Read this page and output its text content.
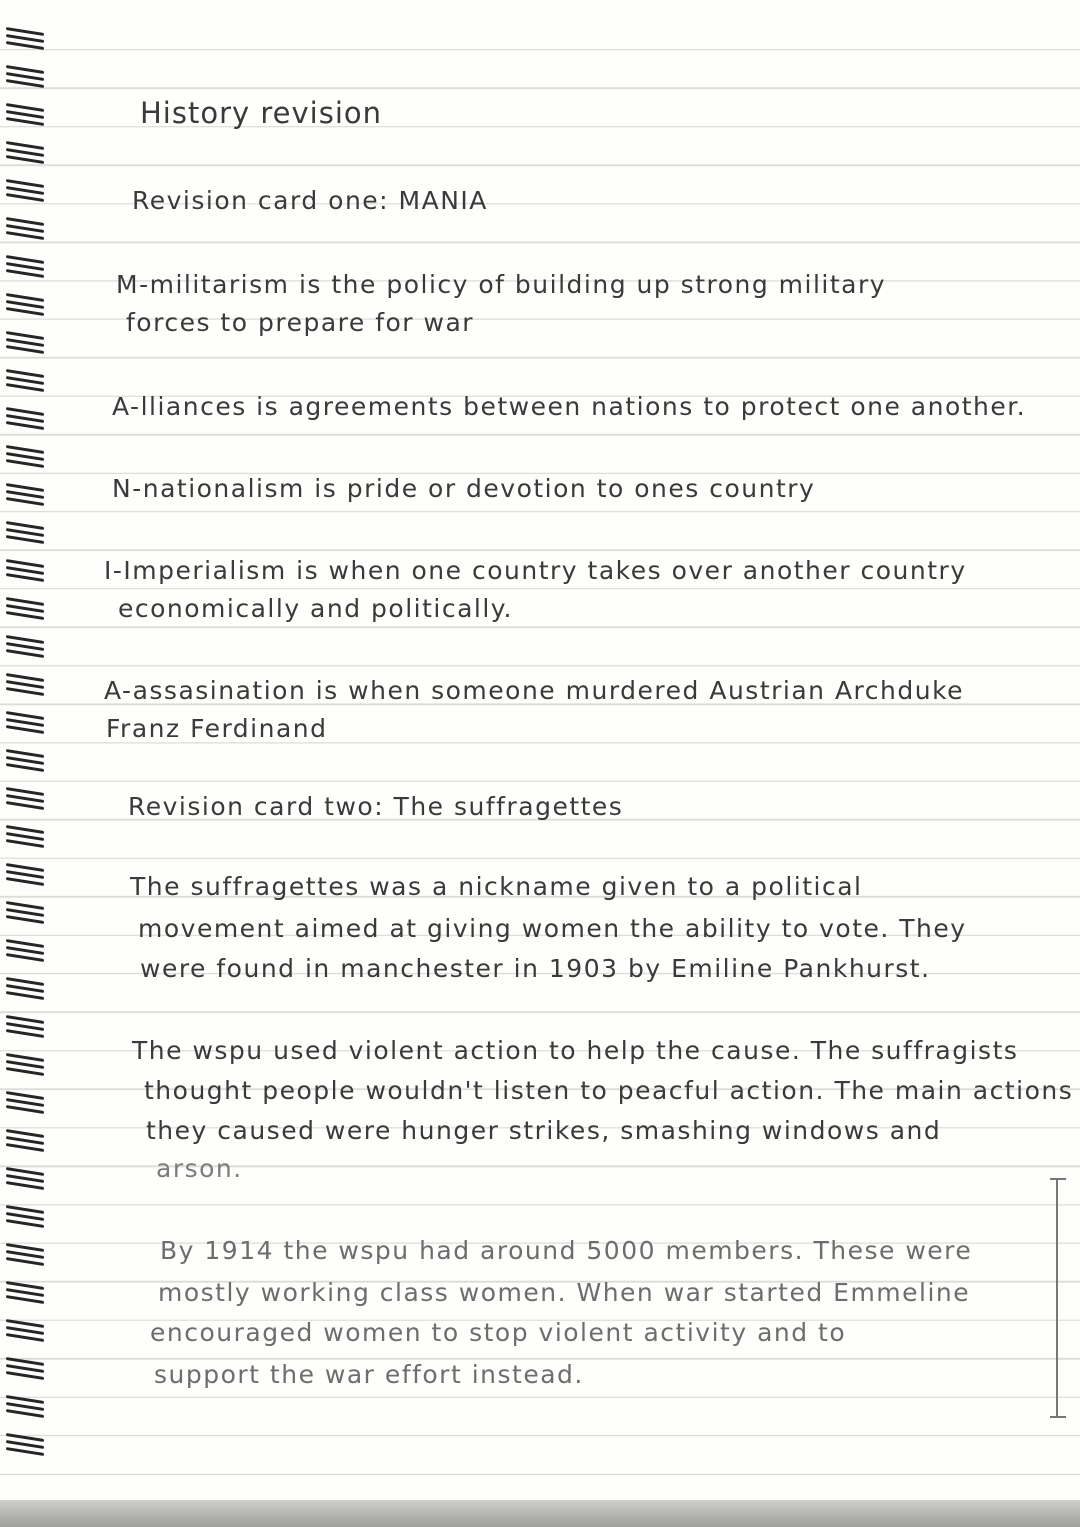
History revision
Revision card one: MANIA
M-militarism is the policy of building up strong military
forces to prepare for war
A-lliances is agreements between nations to protect one another.
N-nationalism is pride or devotion to ones country
I-Imperialism is when one country takes over another country
economically and politically.
A-assasination is when someone murdered Austrian Archduke
Franz Ferdinand
Revision card two: The suffragettes
The suffragettes was a nickname given to a political
movement aimed at giving women the ability to vote. They
were found in manchester in 1903 by Emiline Pankhurst.
The wspu used violent action to help the cause. The suffragists
thought people wouldn't listen to peacful action. The main actions
they caused were hunger strikes, smashing windows and
arson.
By 1914 the wspu had around 5000 members. These were
mostly working class women. When war started Emmeline
encouraged women to stop violent activity and to
support the war effort instead.
